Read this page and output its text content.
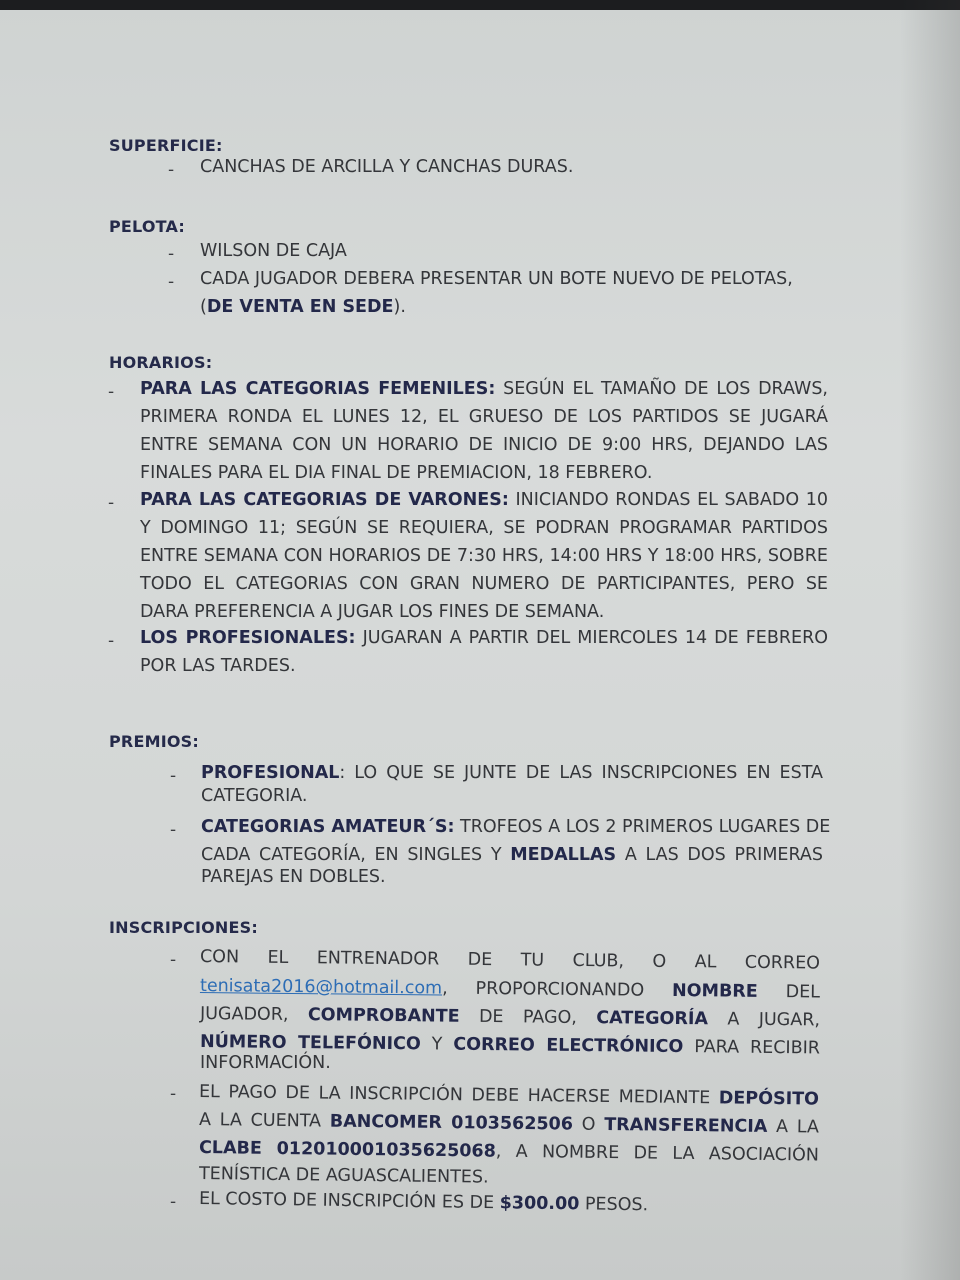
SUPERFICIE:
- CANCHAS DE ARCILLA Y CANCHAS DURAS.
PELOTA:
- WILSON DE CAJA
- CADA JUGADOR DEBERA PRESENTAR UN BOTE NUEVO DE PELOTAS,
(DE VENTA EN SEDE).
HORARIOS:
- PARA LAS CATEGORIAS FEMENILES: SEGÚN EL TAMAÑO DE LOS DRAWS,
PRIMERA RONDA EL LUNES 12, EL GRUESO DE LOS PARTIDOS SE JUGARÁ
ENTRE SEMANA CON UN HORARIO DE INICIO DE 9:00 HRS, DEJANDO LAS
FINALES PARA EL DIA FINAL DE PREMIACION, 18 FEBRERO.
- PARA LAS CATEGORIAS DE VARONES: INICIANDO RONDAS EL SABADO 10
Y DOMINGO 11; SEGÚN SE REQUIERA, SE PODRAN PROGRAMAR PARTIDOS
ENTRE SEMANA CON HORARIOS DE 7:30 HRS, 14:00 HRS Y 18:00 HRS, SOBRE
TODO EL CATEGORIAS CON GRAN NUMERO DE PARTICIPANTES, PERO SE
DARA PREFERENCIA A JUGAR LOS FINES DE SEMANA.
- LOS PROFESIONALES: JUGARAN A PARTIR DEL MIERCOLES 14 DE FEBRERO
POR LAS TARDES.
PREMIOS:
- PROFESIONAL: LO QUE SE JUNTE DE LAS INSCRIPCIONES EN ESTA
CATEGORIA.
- CATEGORIAS AMATEUR´S: TROFEOS A LOS 2 PRIMEROS LUGARES DE
CADA CATEGORÍA, EN SINGLES Y MEDALLAS A LAS DOS PRIMERAS
PAREJAS EN DOBLES.
INSCRIPCIONES:
- CON EL ENTRENADOR DE TU CLUB, O AL CORREO
tenisata2016@hotmail.com, PROPORCIONANDO NOMBRE DEL
JUGADOR, COMPROBANTE DE PAGO, CATEGORÍA A JUGAR,
NÚMERO TELEFÓNICO Y CORREO ELECTRÓNICO PARA RECIBIR
INFORMACIÓN.
- EL PAGO DE LA INSCRIPCIÓN DEBE HACERSE MEDIANTE DEPÓSITO
A LA CUENTA BANCOMER 0103562506 O TRANSFERENCIA A LA
CLABE 012010001035625068, A NOMBRE DE LA ASOCIACIÓN
TENÍSTICA DE AGUASCALIENTES.
- EL COSTO DE INSCRIPCIÓN ES DE $300.00 PESOS.
